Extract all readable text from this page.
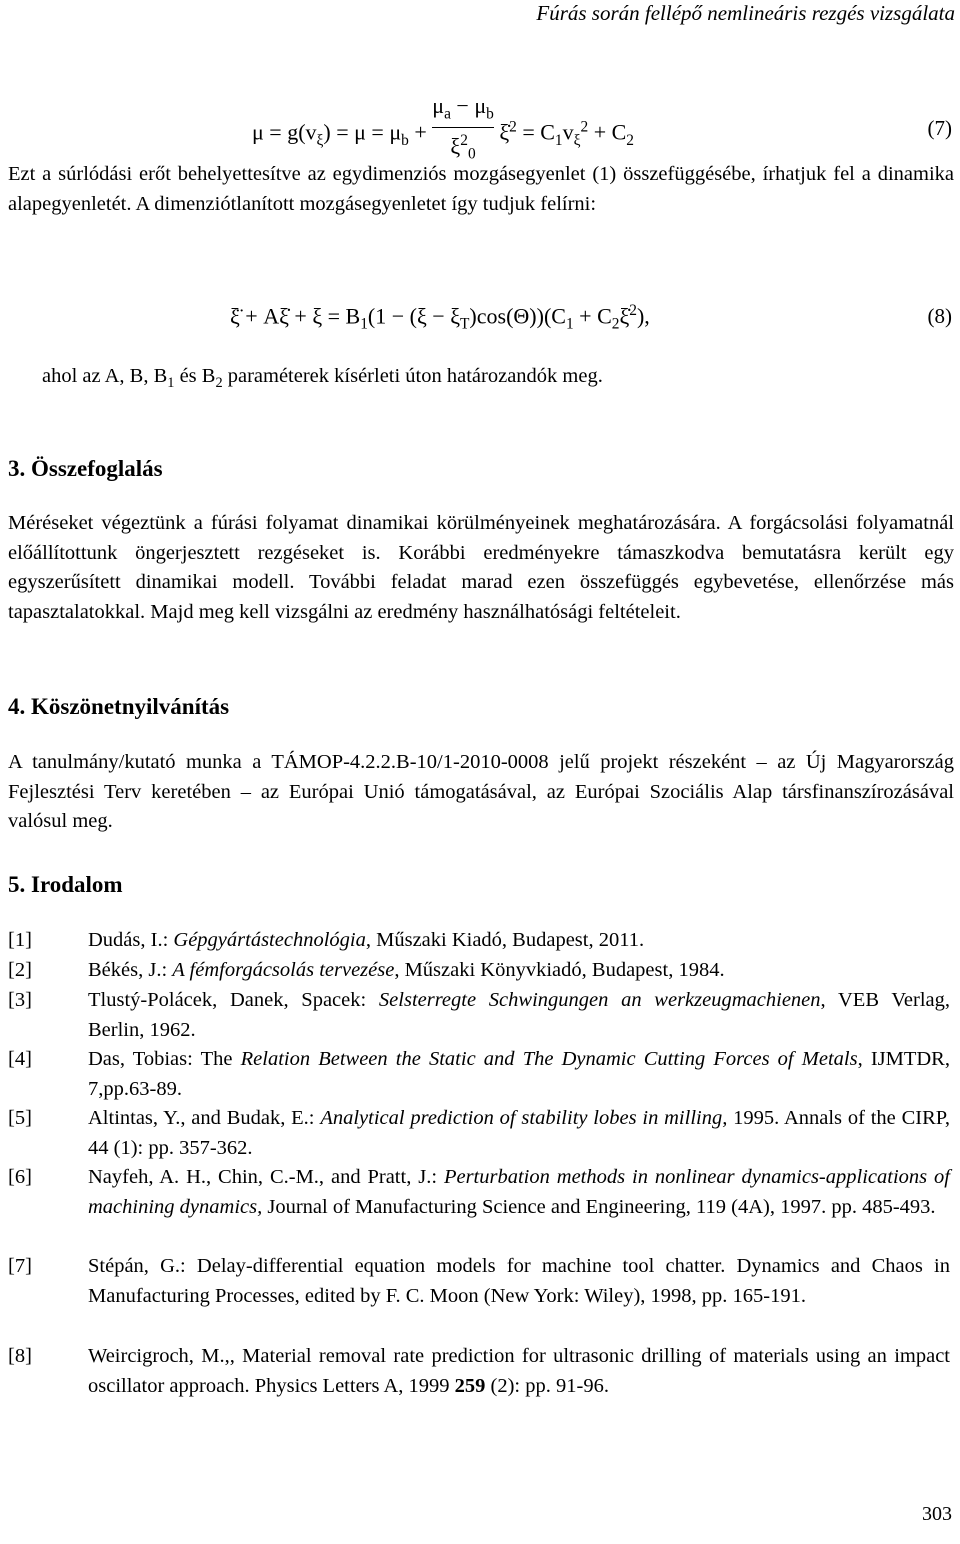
Fúrás során fellépő nemlineáris rezgés vizsgálata
$\mu = g(v_\xi) = \mu = \mu_b + \frac{\mu_a - \mu_b}{\xi^2_0}$ ξ̇$^2$ = $C_1v_\xi^2 + C_2$
(7)
Ezt a súrlódási erőt behelyettesítve az egydimenziós mozgásegyenlet (1) összefüggésébe, írhatjuk fel a dinamika alapegyenletét. A dimenziótlanított mozgásegyenletet így tudjuk felírni:
ξ̈ + Aξ̇ + $\xi = B_1(1 - (\xi - \xi_T)\cos(\Theta))(C_1$ + $C_2\xi̇^2$),	(8)
ahol az A, B, $B_1$ és $B_2$ paraméterek kísérleti úton határozandók meg.
3. Összefoglalás
Méréseket végeztünk a fúrási folyamat dinamikai körülményeinek meghatározására. A forgácsolási folyamatnál előállítottunk öngerjesztett rezgéseket is. Korábbi eredményekre támaszkodva bemutatásra került egy egyszerűsített dinamikai modell. További feladat marad ezen összefüggés egybevetése, ellenőrzése más tapasztalatokkal. Majd meg kell vizsgálni az eredmény használhatósági feltételeit.
4. Köszönetnyilvánítás
A tanulmány/kutató munka a TÁMOP-4.2.2.B-10/1-2010-0008 jelű projekt részeként – az Új Magyarország Fejlesztési Terv keretében – az Európai Unió támogatásával, az Európai Szociális Alap társfinanszírozásával valósul meg.
5. Irodalom
[1]	Dudás, I.: Gépgyártástechnológia, Műszaki Kiadó, Budapest, 2011.
[2]	Békés, J.: A fémforgácsolás tervezése, Műszaki Könyvkiadó, Budapest, 1984.
[3]	Tlustý-Polácek, Danek, Spacek: Selsterregte Schwingungen an werkzeugmachienen, VEB Verlag, Berlin, 1962.
[4]	Das, Tobias: The Relation Between the Static and The Dynamic Cutting Forces of Metals, IJMTDR, 7,pp.63-89.
[5]	Altintas, Y., and Budak, E.: Analytical prediction of stability lobes in milling, 1995. Annals of the CIRP, 44 (1): pp. 357-362.
[6]	Nayfeh, A. H., Chin, C.-M., and Pratt, J.: Perturbation methods in nonlinear dynamics-applications of machining dynamics, Journal of Manufacturing Science and Engineering, 119 (4A), 1997. pp. 485-493.
[7]	Stépán, G.: Delay-differential equation models for machine tool chatter. Dynamics and Chaos in Manufacturing Processes, edited by F. C. Moon (New York: Wiley), 1998, pp. 165-191.
[8]	Weircigroch, M.,, Material removal rate prediction for ultrasonic drilling of materials using an impact oscillator approach. Physics Letters A, 1999 259 (2): pp. 91-96.
303
